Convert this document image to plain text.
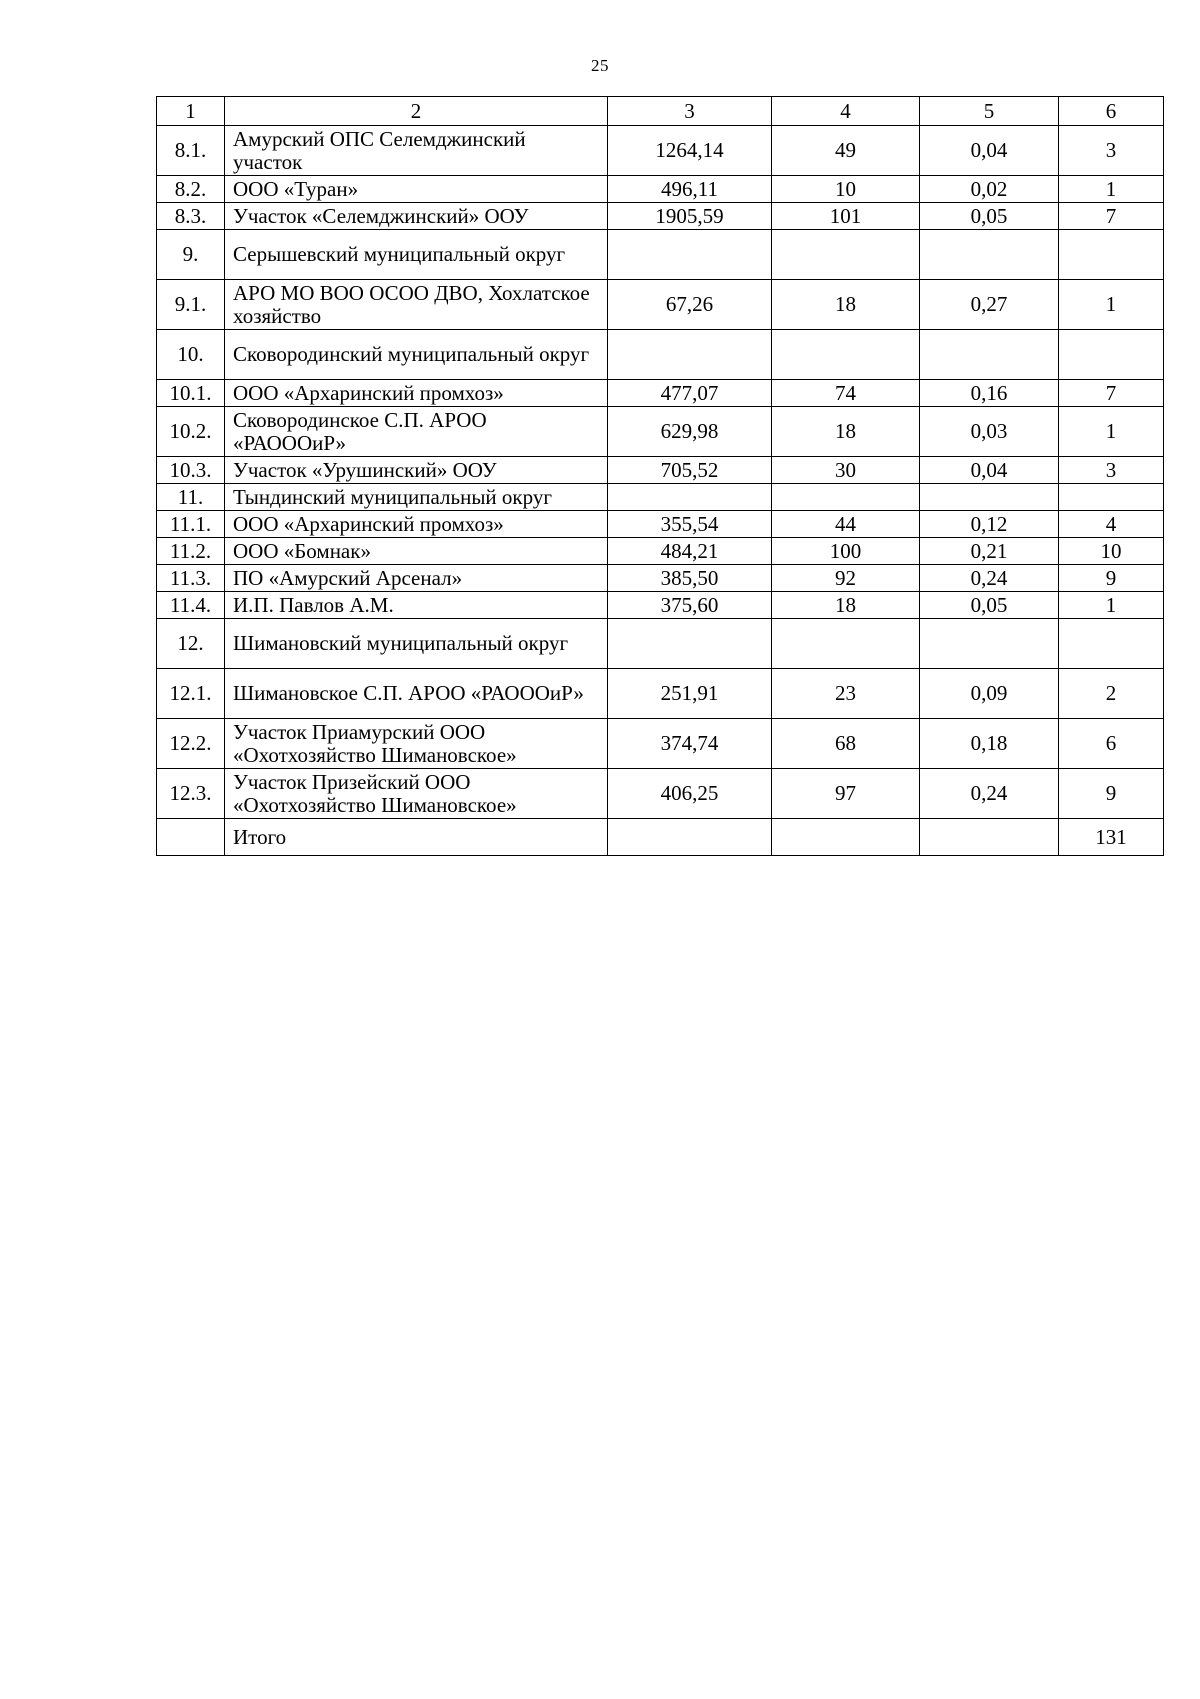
25
1	2	3	4	5	6
8.1.	Амурский ОПС Селемджинский участок	1264,14	49	0,04	3
8.2.	ООО «Туран»	496,11	10	0,02	1
8.3.	Участок «Селемджинский» ООУ	1905,59	101	0,05	7
9.	Серышевский муниципальный округ				
9.1.	АРО МО ВОО ОСОО ДВО, Хохлатское хозяйство	67,26	18	0,27	1
10.	Сковородинский муниципальный округ				
10.1.	ООО «Архаринский промхоз»	477,07	74	0,16	7
10.2.	Сковородинское С.П. АРОО «РАОООиР»	629,98	18	0,03	1
10.3.	Участок «Урушинский» ООУ	705,52	30	0,04	3
11.	Тындинский муниципальный округ				
11.1.	ООО «Архаринский промхоз»	355,54	44	0,12	4
11.2.	ООО «Бомнак»	484,21	100	0,21	10
11.3.	ПО «Амурский Арсенал»	385,50	92	0,24	9
11.4.	И.П. Павлов А.М.	375,60	18	0,05	1
12.	Шимановский муниципальный округ				
12.1.	Шимановское С.П. АРОО «РАОООиР»	251,91	23	0,09	2
12.2.	Участок Приамурский ООО «Охотхозяйство Шимановское»	374,74	68	0,18	6
12.3.	Участок Призейский ООО «Охотхозяйство Шимановское»	406,25	97	0,24	9
	Итого				131
